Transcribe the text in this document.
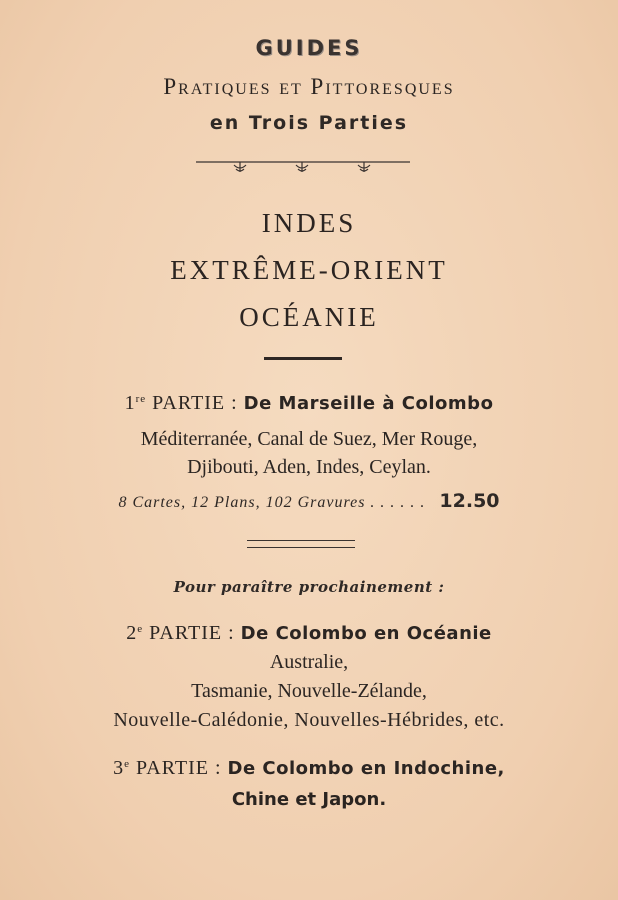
GUIDES
Pratiques et Pittoresques
en Trois Parties
INDES
EXTRÊME-ORIENT
OCÉANIE
1re PARTIE : De Marseille à Colombo
Méditerranée, Canal de Suez, Mer Rouge,
Djibouti, Aden, Indes, Ceylan.
8 Cartes, 12 Plans, 102 Gravures . . . . . . 12.50
Pour paraître prochainement :
2e PARTIE : De Colombo en Océanie
Australie,
Tasmanie, Nouvelle-Zélande,
Nouvelle-Calédonie, Nouvelles-Hébrides, etc.
3e PARTIE : De Colombo en Indochine,
Chine et Japon.
